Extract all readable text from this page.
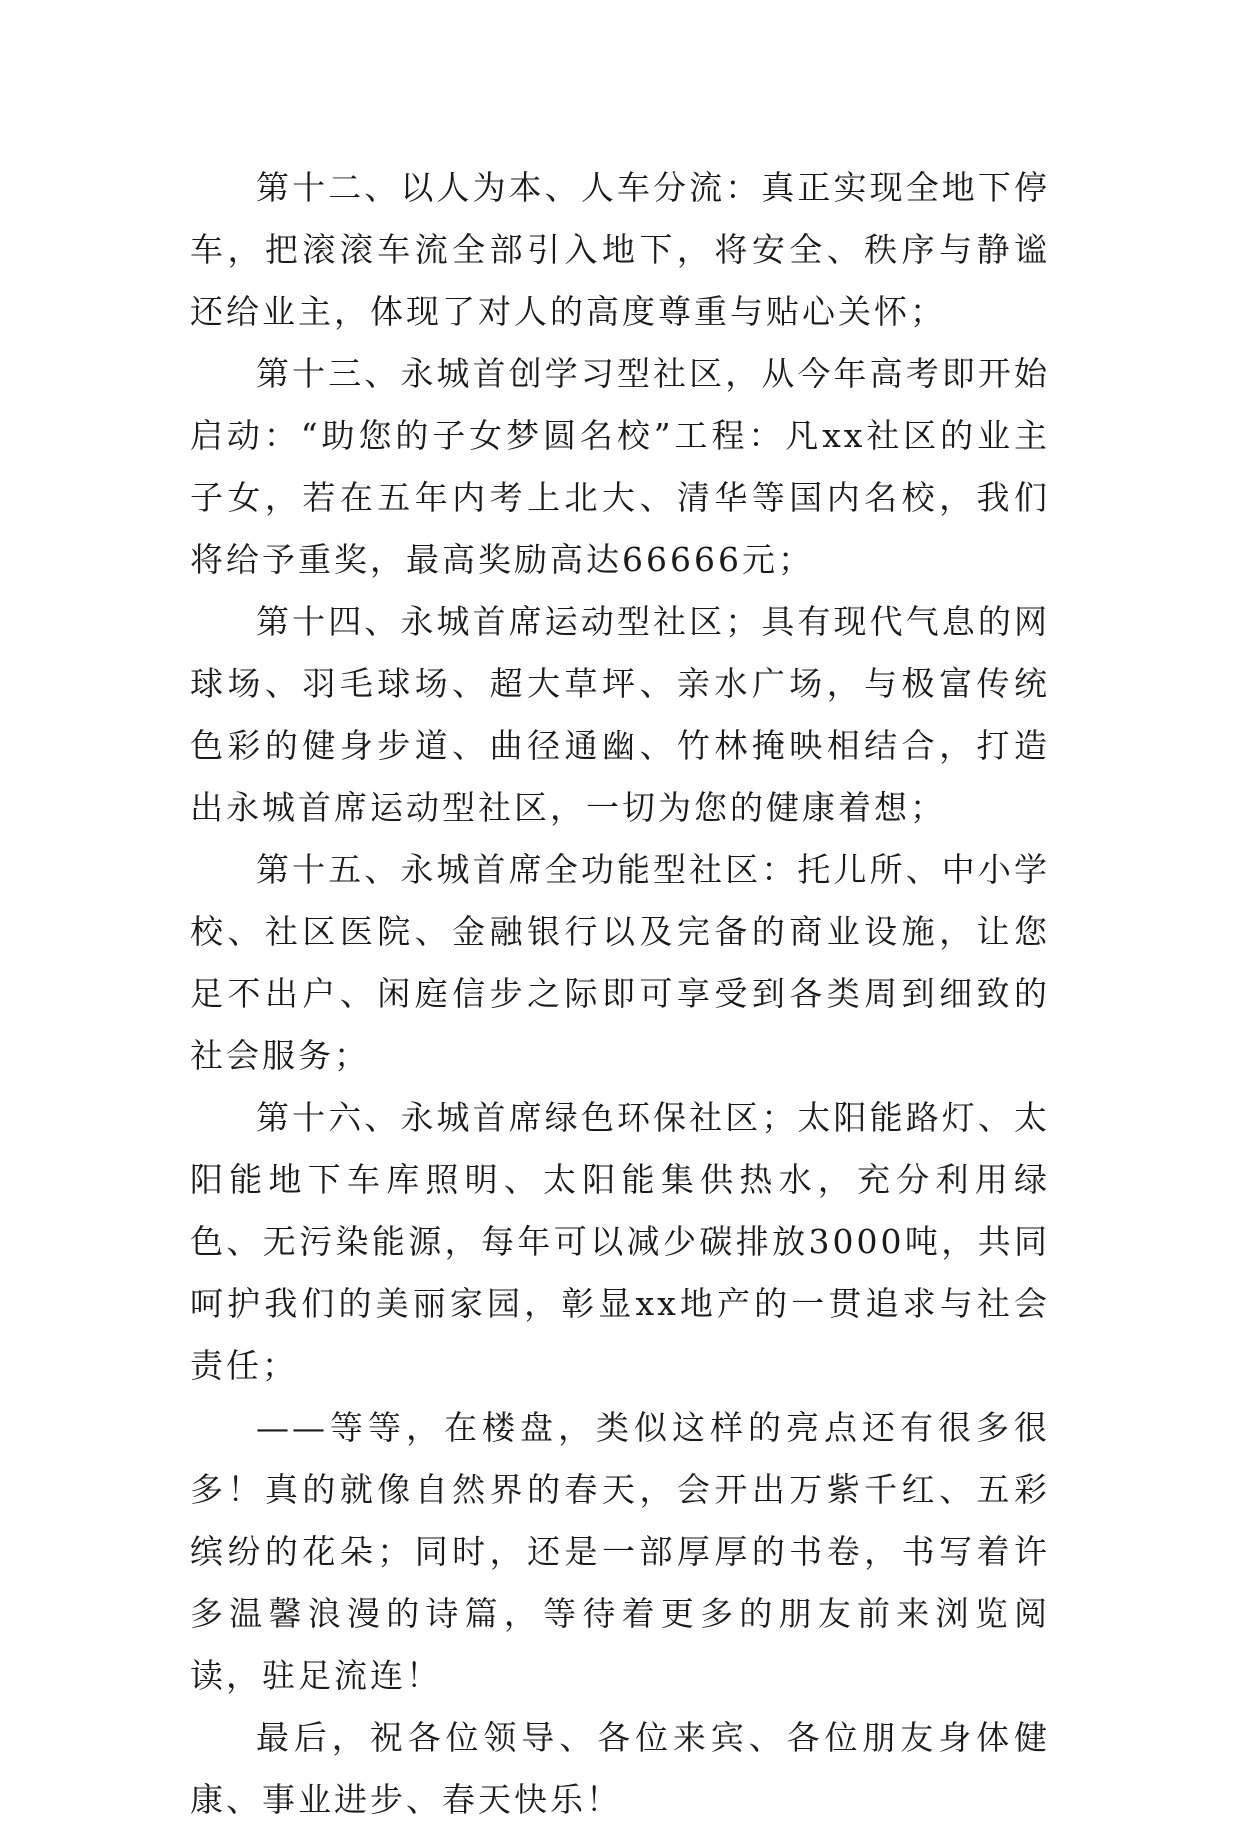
第十二、以人为本、人车分流：真正实现全地下停车，把滚滚车流全部引入地下，将安全、秩序与静谧还给业主，体现了对人的高度尊重与贴心关怀；

第十三、永城首创学习型社区，从今年高考即开始启动：“助您的子女梦圆名校”工程：凡xx社区的业主子女，若在五年内考上北大、清华等国内名校，我们将给予重奖，最高奖励高达66666元；

第十四、永城首席运动型社区；具有现代气息的网球场、羽毛球场、超大草坪、亲水广场，与极富传统色彩的健身步道、曲径通幽、竹林掩映相结合，打造出永城首席运动型社区，一切为您的健康着想；

第十五、永城首席全功能型社区：托儿所、中小学校、社区医院、金融银行以及完备的商业设施，让您足不出户、闲庭信步之际即可享受到各类周到细致的社会服务；

第十六、永城首席绿色环保社区；太阳能路灯、太阳能地下车库照明、太阳能集供热水，充分利用绿色、无污染能源，每年可以减少碳排放3000吨，共同呵护我们的美丽家园，彰显xx地产的一贯追求与社会责任；

——等等，在楼盘，类似这样的亮点还有很多很多！真的就像自然界的春天，会开出万紫千红、五彩缤纷的花朵；同时，还是一部厚厚的书卷，书写着许多温馨浪漫的诗篇，等待着更多的朋友前来浏览阅读，驻足流连！

最后，祝各位领导、各位来宾、各位朋友身体健康、事业进步、春天快乐！
